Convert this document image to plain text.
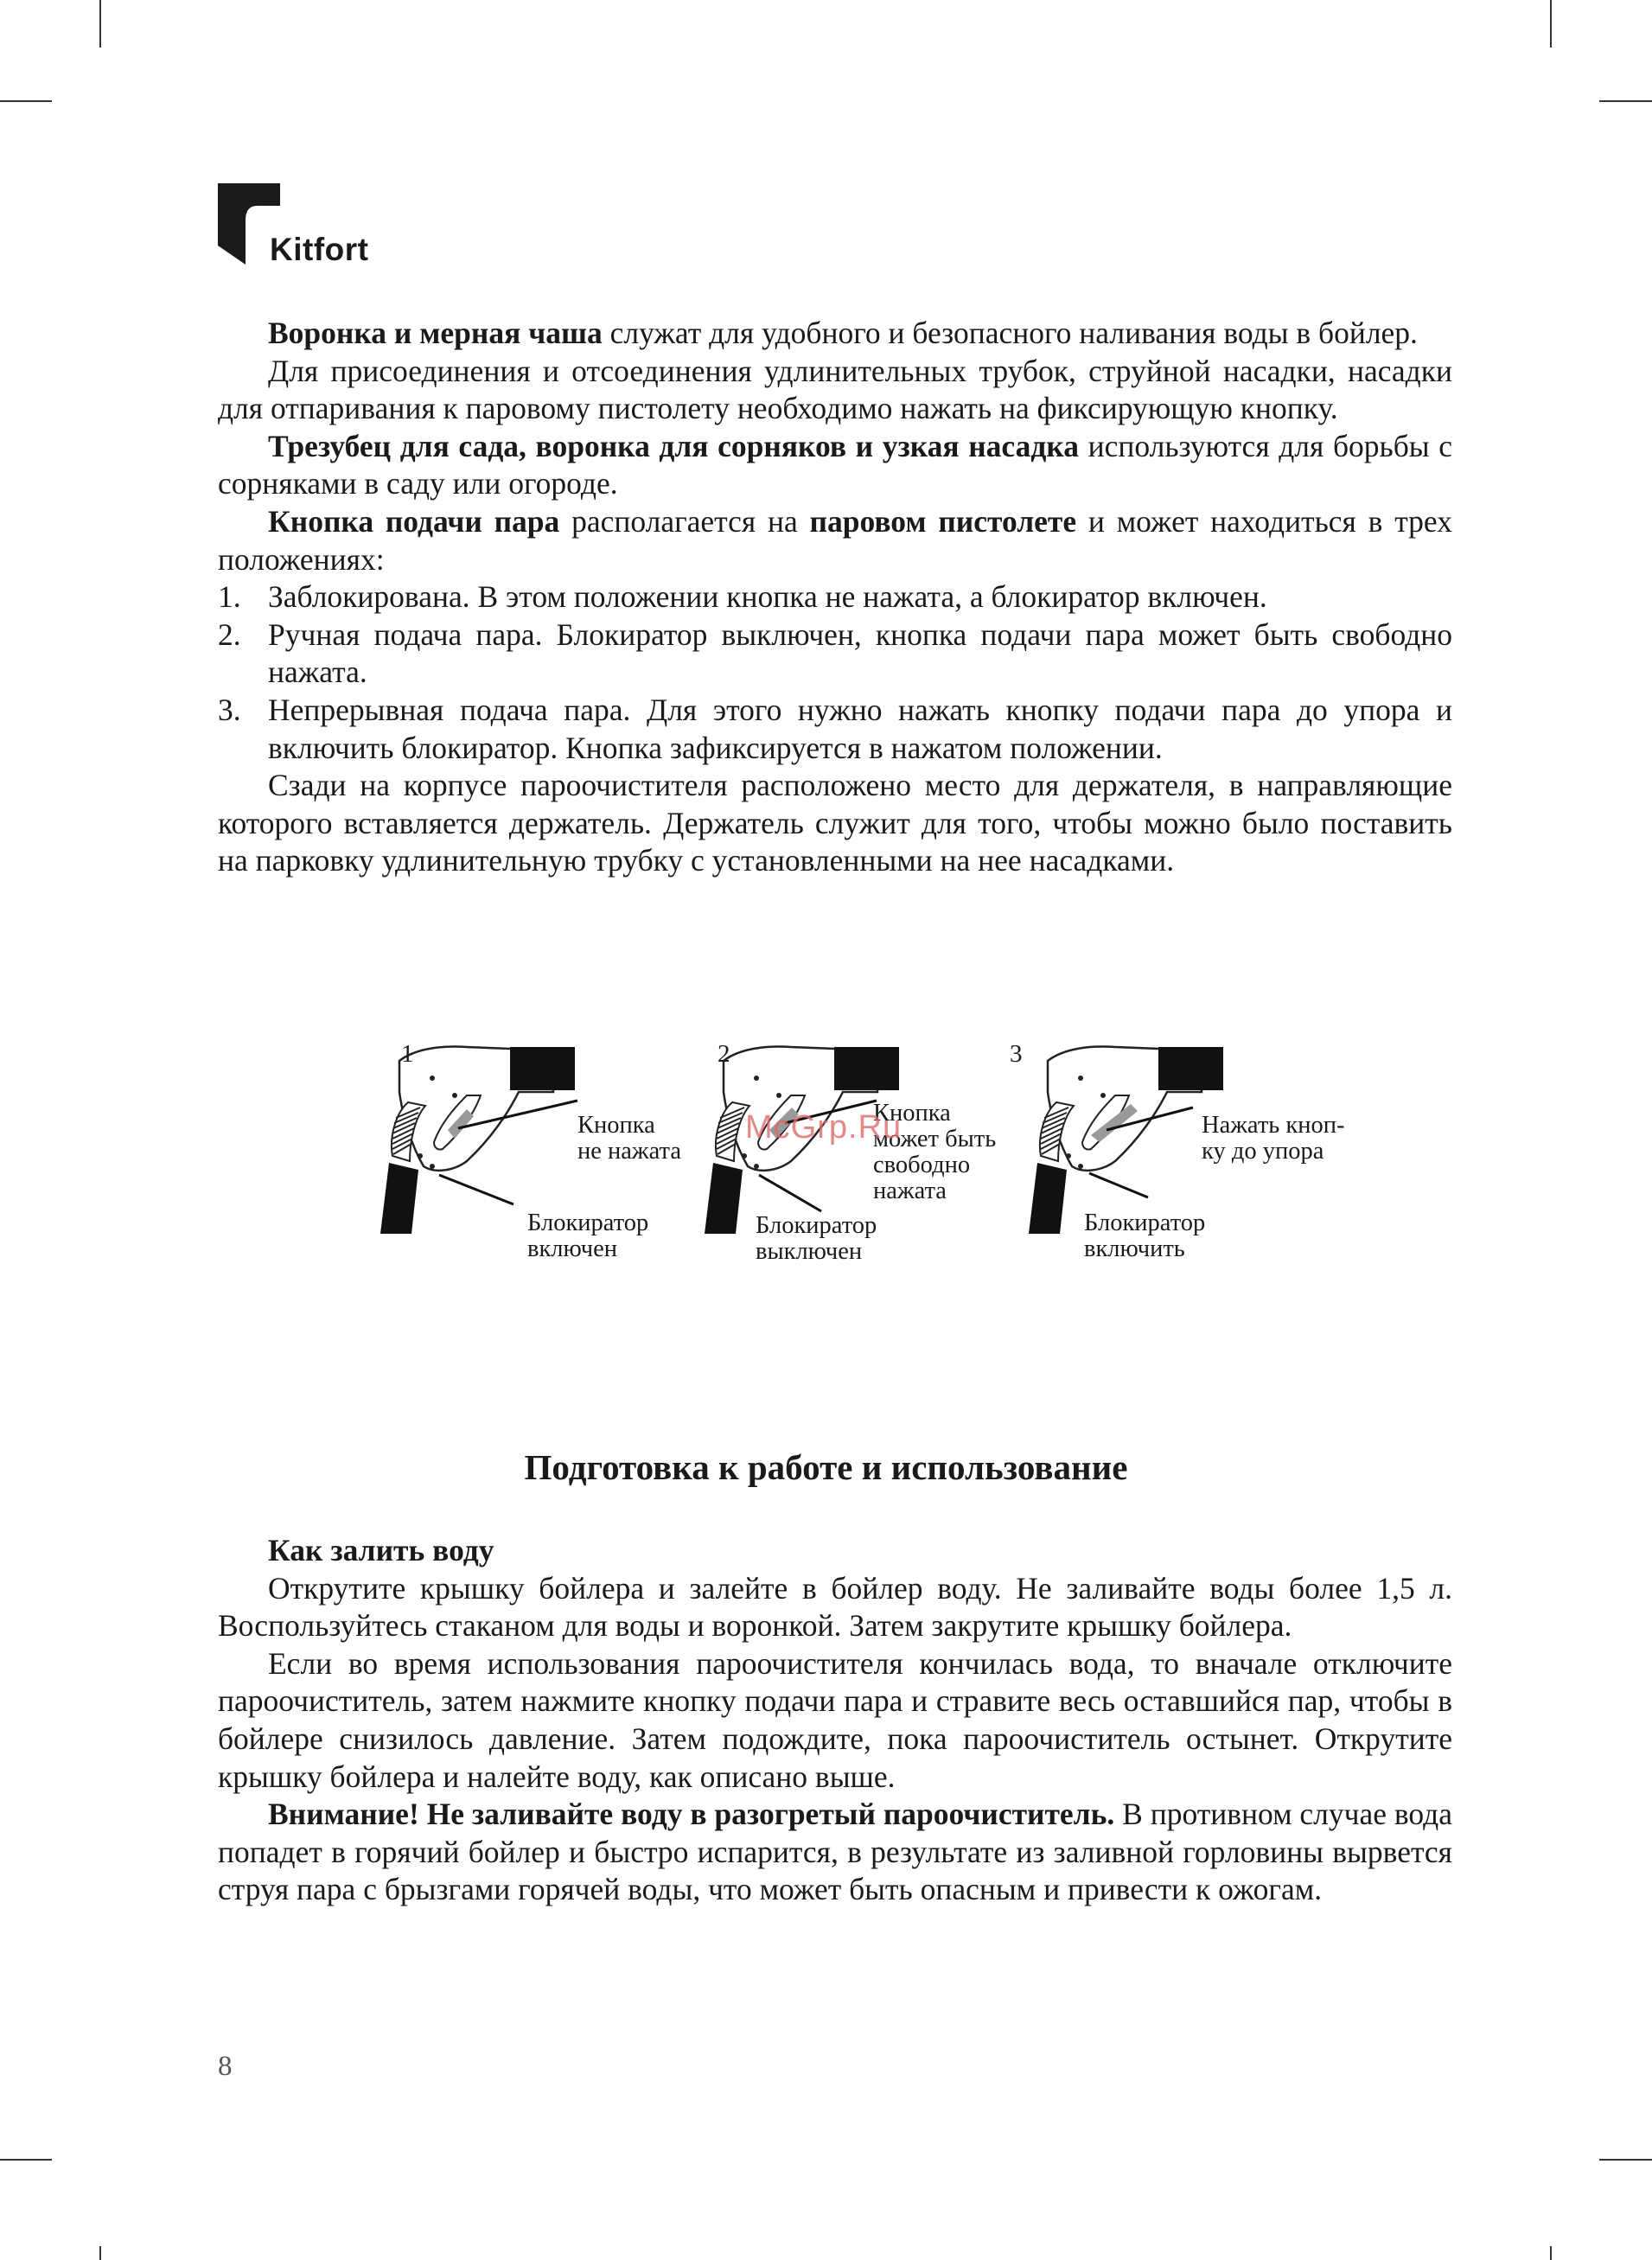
Kitfort

Воронка и мерная чаша служат для удобного и безопасного наливания воды в бойлер.

Для присоединения и отсоединения удлинительных трубок, струйной насадки, насадки для отпаривания к паровому пистолету необходимо нажать на фиксирующую кнопку.

Трезубец для сада, воронка для сорняков и узкая насадка используются для борьбы с сорняками в саду или огороде.

Кнопка подачи пара располагается на паровом пистолете и может находиться в трех положениях:

1. Заблокирована. В этом положении кнопка не нажата, а блокиратор включен.
2. Ручная подача пара. Блокиратор выключен, кнопка подачи пара может быть свободно нажата.
3. Непрерывная подача пара. Для этого нужно нажать кнопку подачи пара до упора и включить блокиратор. Кнопка зафиксируется в нажатом положении.

Сзади на корпусе пароочистителя расположено место для держателя, в направляющие которого вставляется держатель. Держатель служит для того, чтобы можно было поставить на парковку удлинительную трубку с установленными на нее насадками.

1
Кнопка
не нажата
Блокиратор
включен
2
Кнопка
может быть
свободно
нажата
Блокиратор
выключен
3
Нажать кноп-
ку до упора
Блокиратор
включить
McGrp.Ru
Подготовка к работе и использование

Как залить воду

Открутите крышку бойлера и залейте в бойлер воду. Не заливайте воды более 1,5 л. Воспользуйтесь стаканом для воды и воронкой. Затем закрутите крышку бойлера.

Если во время использования пароочистителя кончилась вода, то вначале отключите пароочиститель, затем нажмите кнопку подачи пара и стравите весь оставшийся пар, чтобы в бойлере снизилось давление. Затем подождите, пока пароочиститель остынет. Открутите крышку бойлера и налейте воду, как описано выше.

Внимание! Не заливайте воду в разогретый пароочиститель. В противном случае вода попадет в горячий бойлер и быстро испарится, в результате из заливной горловины вырвется струя пара с брызгами горячей воды, что может быть опасным и привести к ожогам.

8
